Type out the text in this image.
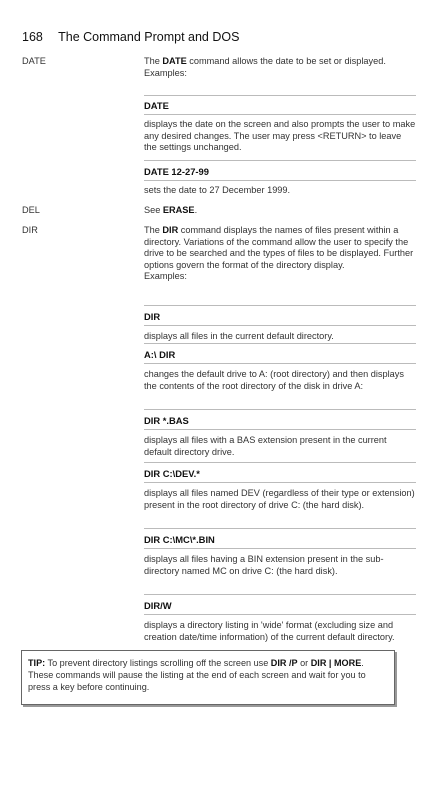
168 The Command Prompt and DOS
DATE	The DATE command allows the date to be set or displayed.

Examples:

DATE
displays the date on the screen and also prompts the user to make any desired changes. The user may press <RETURN> to leave the settings unchanged.
DATE 12-27-99
sets the date to 27 December 1999.
DEL	See ERASE.
DIR	The DIR command displays the names of files present within a directory. Variations of the command allow the user to specify the drive to be searched and the types of files to be displayed. Further options govern the format of the directory display.

Examples:

DIR
displays all files in the current default directory.
A:\ DIR
changes the default drive to A: (root directory) and then displays the contents of the root directory of the disk in drive A:
DIR *.BAS
displays all files with a BAS extension present in the current default directory drive.
DIR C:\DEV.*
displays all files named DEV (regardless of their type or extension) present in the root directory of drive C: (the hard disk).
DIR C:\MC\*.BIN
displays all files having a BIN extension present in the sub-directory named MC on drive C: (the hard disk).
DIR/W
displays a directory listing in 'wide' format (excluding size and creation date/time information) of the current default directory.
TIP: To prevent directory listings scrolling off the screen use DIR /P or DIR | MORE. These commands will pause the listing at the end of each screen and wait for you to press a key before continuing.
